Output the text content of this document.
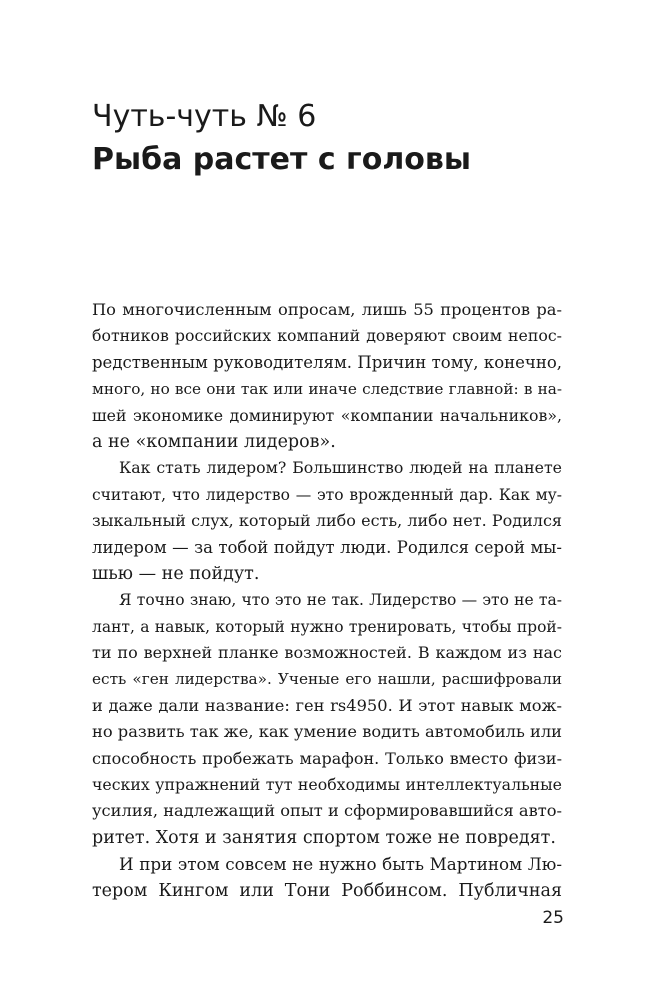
Чуть-чуть № 6
Рыба растет с головы
По многочисленным опросам, лишь 55 процентов ра-
ботников российских компаний доверяют своим непос-
редственным руководителям. Причин тому, конечно,
много, но все они так или иначе следствие главной: в на-
шей экономике доминируют «компании начальников»,
а не «компании лидеров».
Как стать лидером? Большинство людей на планете
считают, что лидерство — это врожденный дар. Как му-
зыкальный слух, который либо есть, либо нет. Родился
лидером — за тобой пойдут люди. Родился серой мы-
шью — не пойдут.
Я точно знаю, что это не так. Лидерство — это не та-
лант, а навык, который нужно тренировать, чтобы прой-
ти по верхней планке возможностей. В каждом из нас
есть «ген лидерства». Ученые его нашли, расшифровали
и даже дали название: ген rs4950. И этот навык мож-
но развить так же, как умение водить автомобиль или
способность пробежать марафон. Только вместо физи-
ческих упражнений тут необходимы интеллектуальные
усилия, надлежащий опыт и сформировавшийся авто-
ритет. Хотя и занятия спортом тоже не повредят.
И при этом совсем не нужно быть Мартином Лю-
тером Кингом или Тони Роббинсом. Публичная
25
